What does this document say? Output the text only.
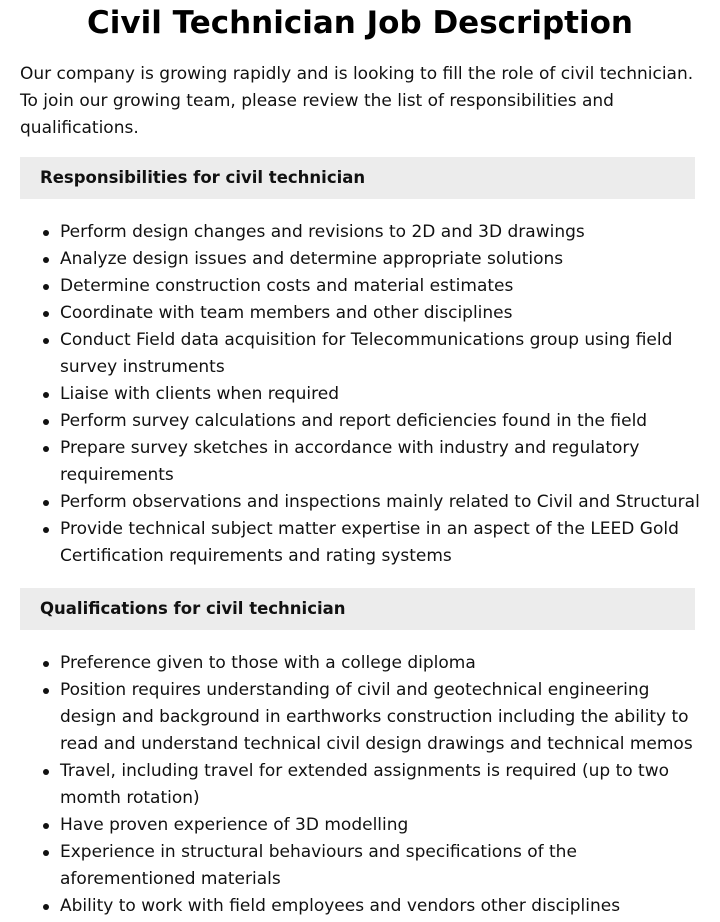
Civil Technician Job Description

Our company is growing rapidly and is looking to fill the role of civil technician. To join our growing team, please review the list of responsibilities and qualifications.

Responsibilities for civil technician
Perform design changes and revisions to 2D and 3D drawings
Analyze design issues and determine appropriate solutions
Determine construction costs and material estimates
Coordinate with team members and other disciplines
Conduct Field data acquisition for Telecommunications group using field survey instruments
Liaise with clients when required
Perform survey calculations and report deficiencies found in the field
Prepare survey sketches in accordance with industry and regulatory requirements
Perform observations and inspections mainly related to Civil and Structural
Provide technical subject matter expertise in an aspect of the LEED Gold Certification requirements and rating systems
Qualifications for civil technician
Preference given to those with a college diploma
Position requires understanding of civil and geotechnical engineering design and background in earthworks construction including the ability to read and understand technical civil design drawings and technical memos
Travel, including travel for extended assignments is required (up to two momth rotation)
Have proven experience of 3D modelling
Experience in structural behaviours and specifications of the aforementioned materials
Ability to work with field employees and vendors other disciplines
